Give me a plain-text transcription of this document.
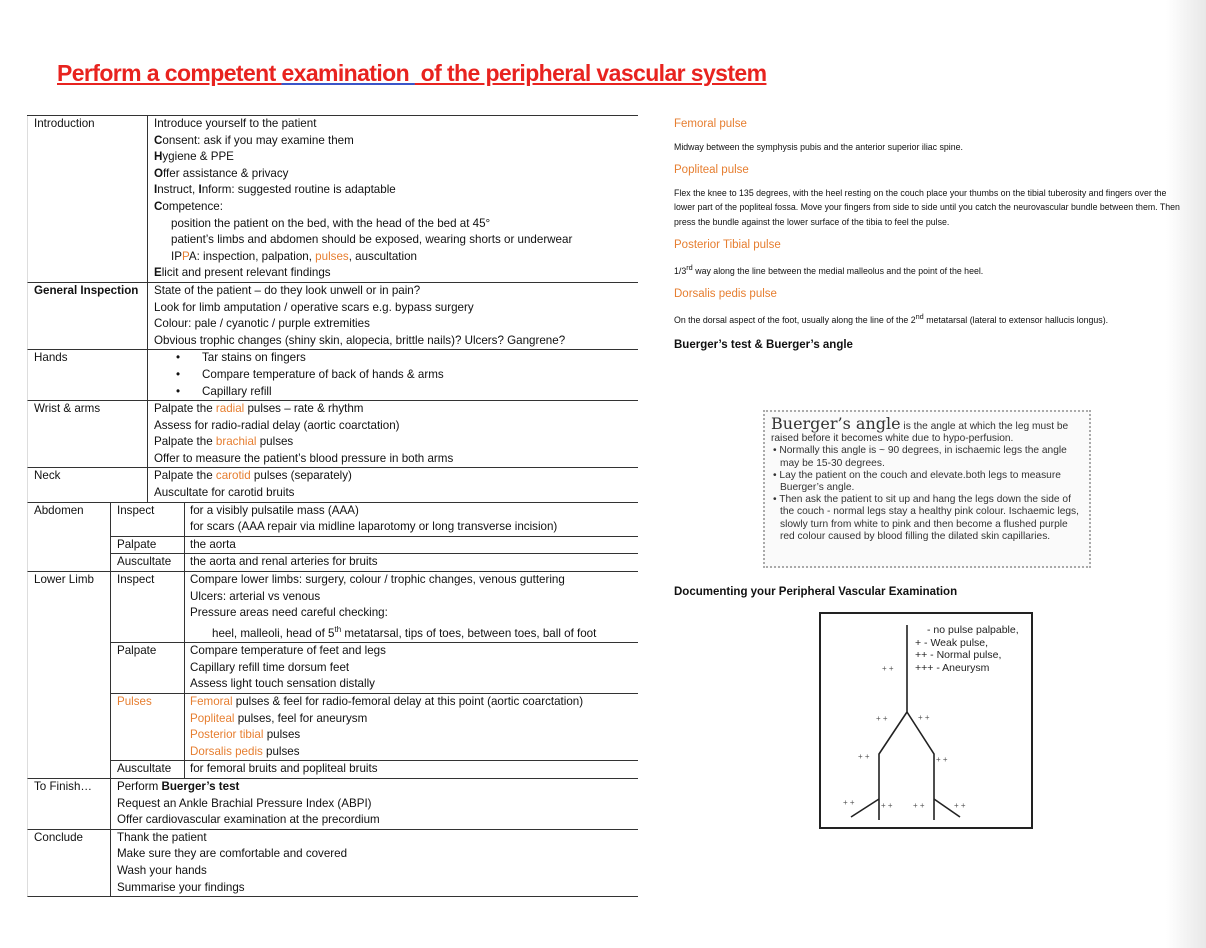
Perform a competent examination  of the peripheral vascular system
Introduction	Introduce yourself to the patient
Consent: ask if you may examine them
Hygiene & PPE
Offer assistance & privacy
Instruct, Inform: suggested routine is adaptable
Competence:
position the patient on the bed, with the head of the bed at 45°
patient’s limbs and abdomen should be exposed, wearing shorts or underwear
IPPA: inspection, palpation, pulses, auscultation
Elicit and present relevant findings
General Inspection	State of the patient – do they look unwell or in pain?
Look for limb amputation / operative scars e.g. bypass surgery
Colour: pale / cyanotic / purple extremities
Obvious trophic changes (shiny skin, alopecia, brittle nails)? Ulcers? Gangrene?
Hands	• Tar stains on fingers
• Compare temperature of back of hands & arms
• Capillary refill
Wrist & arms	Palpate the radial pulses – rate & rhythm
Assess for radio-radial delay (aortic coarctation)
Palpate the brachial pulses
Offer to measure the patient’s blood pressure in both arms
Neck	Palpate the carotid pulses (separately)
Auscultate for carotid bruits
Abdomen	Inspect	for a visibly pulsatile mass (AAA)
for scars (AAA repair via midline laparotomy or long transverse incision)
Palpate	the aorta
Auscultate	the aorta and renal arteries for bruits
Lower Limb	Inspect	Compare lower limbs: surgery, colour / trophic changes, venous guttering
Ulcers: arterial vs venous
Pressure areas need careful checking:
heel, malleoli, head of 5th metatarsal, tips of toes, between toes, ball of foot
Palpate	Compare temperature of feet and legs
Capillary refill time dorsum feet
Assess light touch sensation distally
Pulses	Femoral pulses & feel for radio-femoral delay at this point (aortic coarctation)
Popliteal pulses, feel for aneurysm
Posterior tibial pulses
Dorsalis pedis pulses
Auscultate	for femoral bruits and popliteal bruits
To Finish…	Perform Buerger’s test
Request an Ankle Brachial Pressure Index (ABPI)
Offer cardiovascular examination at the precordium
Conclude	Thank the patient
Make sure they are comfortable and covered
Wash your hands
Summarise your findings

Femoral pulse

Midway between the symphysis pubis and the anterior superior iliac spine.

Popliteal pulse

Flex the knee to 135 degrees, with the heel resting on the couch place your thumbs on the tibial tuberosity and fingers over the lower part of the popliteal fossa. Move your fingers from side to side until you catch the neurovascular bundle between them. Then press the bundle against the lower surface of the tibia to feel the pulse.

Posterior Tibial pulse

1/3rd way along the line between the medial malleolus and the point of the heel.

Dorsalis pedis pulse

On the dorsal aspect of the foot, usually along the line of the 2nd metatarsal (lateral to extensor hallucis longus).

Buerger’s test & Buerger’s angle

Buerger’s angle is the angle at which the leg must be raised before it becomes white due to hypo-perfusion.
• Normally this angle is ~ 90 degrees, in ischaemic legs the angle may be 15-30 degrees.
• Lay the patient on the couch and elevate.both legs to measure Buerger’s angle.
• Then ask the patient to sit up and hang the legs down the side of the couch - normal legs stay a healthy pink colour. Ischaemic legs, slowly turn from white to pink and then become a flushed purple red colour caused by blood filling the dilated skin capillaries.

Documenting your Peripheral Vascular Examination

- no pulse palpable,
+ - Weak pulse,
++ - Normal pulse,
+++ - Aneurysm
+ +
+ +	+ +
+ +	+ +
+ +	+ +	+ +	+ +
